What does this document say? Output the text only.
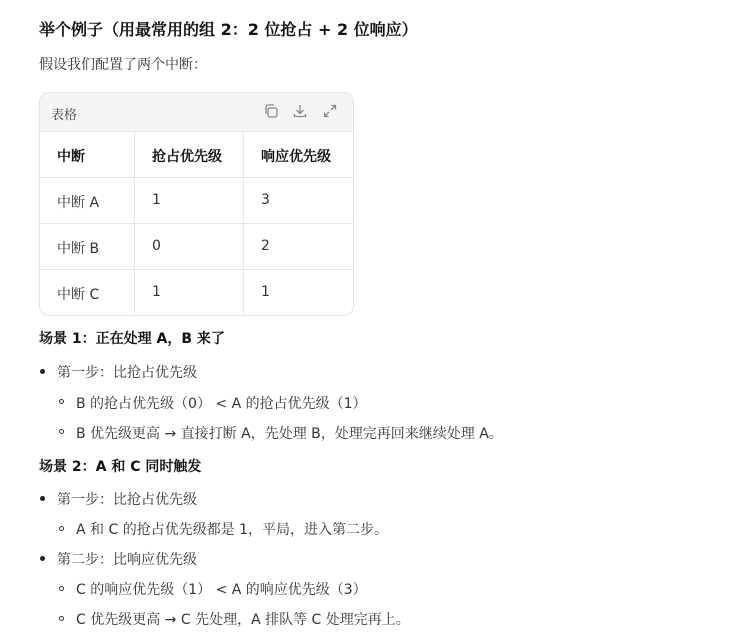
举个例子（用最常用的组 2：2 位抢占 + 2 位响应）
假设我们配置了两个中断：
表格
中断	抢占优先级	响应优先级
中断 A	1	3
中断 B	0	2
中断 C	1	1
场景 1：正在处理 A，B 来了
第一步：比抢占优先级
B 的抢占优先级（0） < A 的抢占优先级（1）
B 优先级更高 → 直接打断 A，先处理 B，处理完再回来继续处理 A。
场景 2：A 和 C 同时触发
第一步：比抢占优先级
A 和 C 的抢占优先级都是 1，平局，进入第二步。
第二步：比响应优先级
C 的响应优先级（1） < A 的响应优先级（3）
C 优先级更高 → C 先处理，A 排队等 C 处理完再上。
